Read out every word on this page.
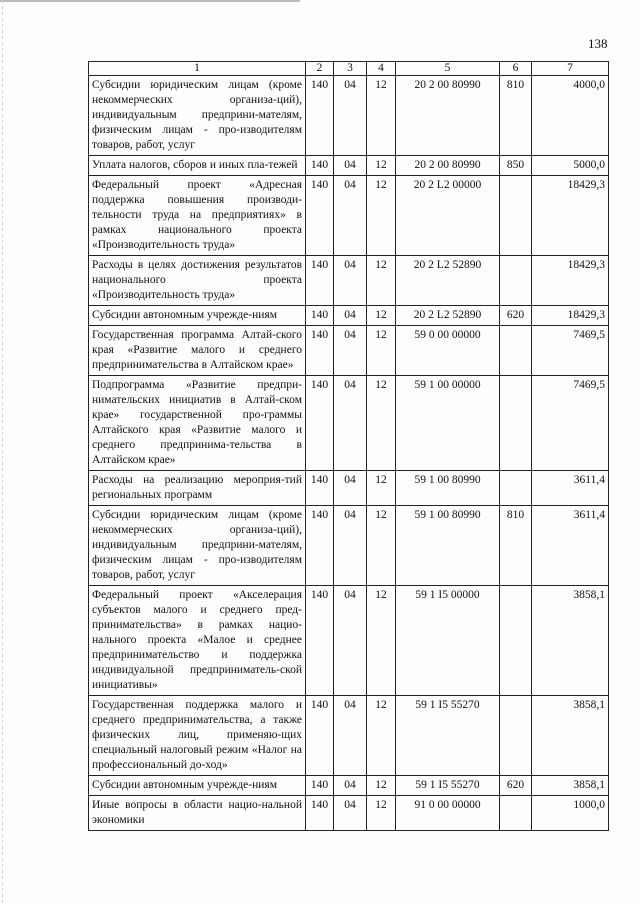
138
1	2	3	4	5	6	7
Субсидии юридическим лицам (кроме некоммерческих организа-ций), индивидуальным предприни-мателям, физическим лицам - про-изводителям товаров, работ, услуг	140	04	12	20 2 00 80990	810	4000,0
Уплата налогов, сборов и иных пла-тежей	140	04	12	20 2 00 80990	850	5000,0
Федеральный проект «Адресная поддержка повышения производи-тельности труда на предприятиях» в рамках национального проекта «Производительность труда»	140	04	12	20 2 L2 00000		18429,3
Расходы в целях достижения результатов национального проекта «Производительность труда»	140	04	12	20 2 L2 52890		18429,3
Субсидии автономным учрежде-ниям	140	04	12	20 2 L2 52890	620	18429,3
Государственная программа Алтай-ского края «Развитие малого и среднего предпринимательства в Алтайском крае»	140	04	12	59 0 00 00000		7469,5
Подпрограмма «Развитие предпри-нимательских инициатив в Алтай-ском крае» государственной про-граммы Алтайского края «Развитие малого и среднего предпринима-тельства в Алтайском крае»	140	04	12	59 1 00 00000		7469,5
Расходы на реализацию мероприя-тий региональных программ	140	04	12	59 1 00 80990		3611,4
Субсидии юридическим лицам (кроме некоммерческих организа-ций), индивидуальным предприни-мателям, физическим лицам - про-изводителям товаров, работ, услуг	140	04	12	59 1 00 80990	810	3611,4
Федеральный проект «Акселерация субъектов малого и среднего пред-принимательства» в рамках нацио-нального проекта «Малое и среднее предпринимательство и поддержка индивидуальной предприниматель-ской инициативы»	140	04	12	59 1 I5 00000		3858,1
Государственная поддержка малого и среднего предпринимательства, а также физических лиц, применяю-щих специальный налоговый режим «Налог на профессиональный до-ход»	140	04	12	59 1 I5 55270		3858,1
Субсидии автономным учрежде-ниям	140	04	12	59 1 I5 55270	620	3858,1
Иные вопросы в области нацио-нальной экономики	140	04	12	91 0 00 00000		1000,0
